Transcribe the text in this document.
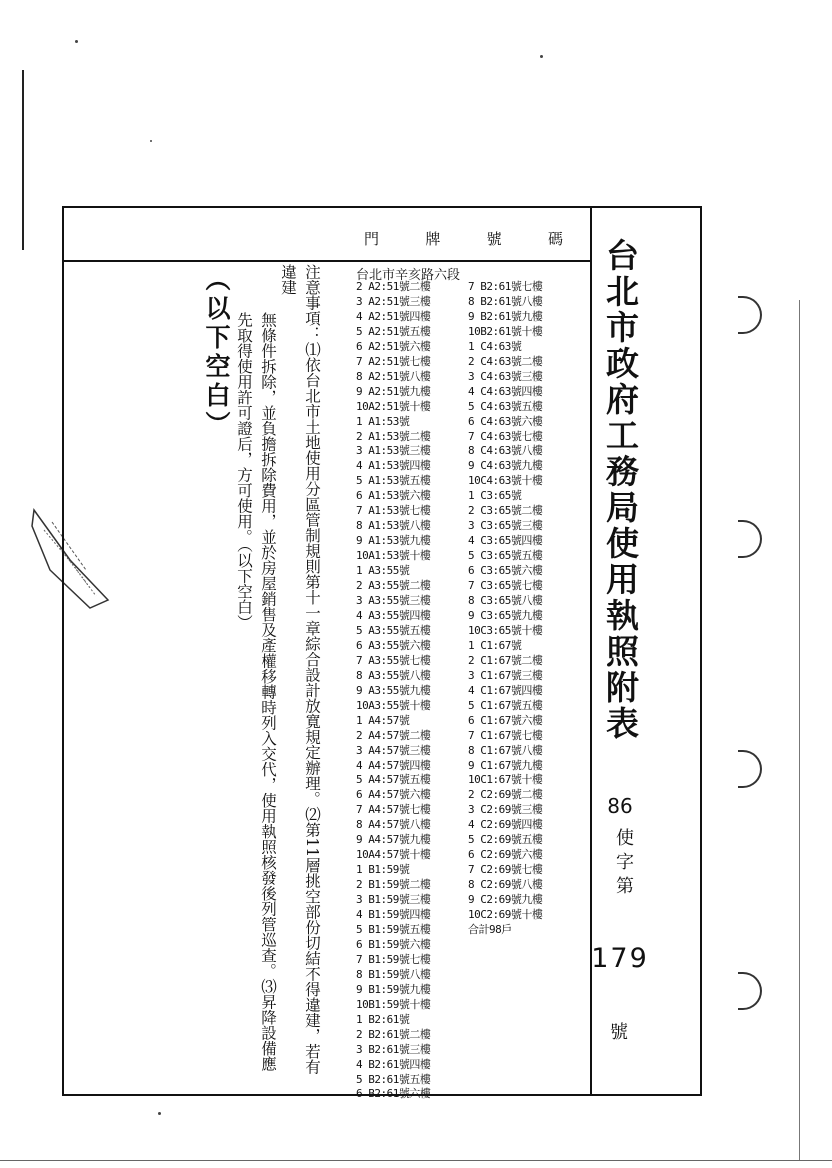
門	牌	號	碼 台北市政府工務局使用執照附表
86
使字第
179
號
台北市辛亥路六段
2 A2:51號二樓
3 A2:51號三樓
4 A2:51號四樓
5 A2:51號五樓
6 A2:51號六樓
7 A2:51號七樓
8 A2:51號八樓
9 A2:51號九樓
10A2:51號十樓
1 A1:53號
2 A1:53號二樓
3 A1:53號三樓
4 A1:53號四樓
5 A1:53號五樓
6 A1:53號六樓
7 A1:53號七樓
8 A1:53號八樓
9 A1:53號九樓
10A1:53號十樓
1 A3:55號
2 A3:55號二樓
3 A3:55號三樓
4 A3:55號四樓
5 A3:55號五樓
6 A3:55號六樓
7 A3:55號七樓
8 A3:55號八樓
9 A3:55號九樓
10A3:55號十樓
1 A4:57號
2 A4:57號二樓
3 A4:57號三樓
4 A4:57號四樓
5 A4:57號五樓
6 A4:57號六樓
7 A4:57號七樓
8 A4:57號八樓
9 A4:57號九樓
10A4:57號十樓
1 B1:59號
2 B1:59號二樓
3 B1:59號三樓
4 B1:59號四樓
5 B1:59號五樓
6 B1:59號六樓
7 B1:59號七樓
8 B1:59號八樓
9 B1:59號九樓
10B1:59號十樓
1 B2:61號
2 B2:61號二樓
3 B2:61號三樓
4 B2:61號四樓
5 B2:61號五樓
6 B2:61號六樓
7 B2:61號七樓
8 B2:61號八樓
9 B2:61號九樓
10B2:61號十樓
1 C4:63號
2 C4:63號二樓
3 C4:63號三樓
4 C4:63號四樓
5 C4:63號五樓
6 C4:63號六樓
7 C4:63號七樓
8 C4:63號八樓
9 C4:63號九樓
10C4:63號十樓
1 C3:65號
2 C3:65號二樓
3 C3:65號三樓
4 C3:65號四樓
5 C3:65號五樓
6 C3:65號六樓
7 C3:65號七樓
8 C3:65號八樓
9 C3:65號九樓
10C3:65號十樓
1 C1:67號
2 C1:67號二樓
3 C1:67號三樓
4 C1:67號四樓
5 C1:67號五樓
6 C1:67號六樓
7 C1:67號七樓
8 C1:67號八樓
9 C1:67號九樓
10C1:67號十樓
2 C2:69號二樓
3 C2:69號三樓
4 C2:69號四樓
5 C2:69號五樓
6 C2:69號六樓
7 C2:69號七樓
8 C2:69號八樓
9 C2:69號九樓
10C2:69號十樓
合計98戶
注意事項：⑴依台北市土地使用分區管制規則第十一章綜合設計放寬規定辦理。⑵第11層挑空部份切結不得違建，若有違建
無條件拆除，並負擔拆除費用，並於房屋銷售及產權移轉時列入交代，使用執照核發後列管巡查。⑶昇降設備應
先取得使用許可證后，方可使用。（以下空白）
（以下空白）
